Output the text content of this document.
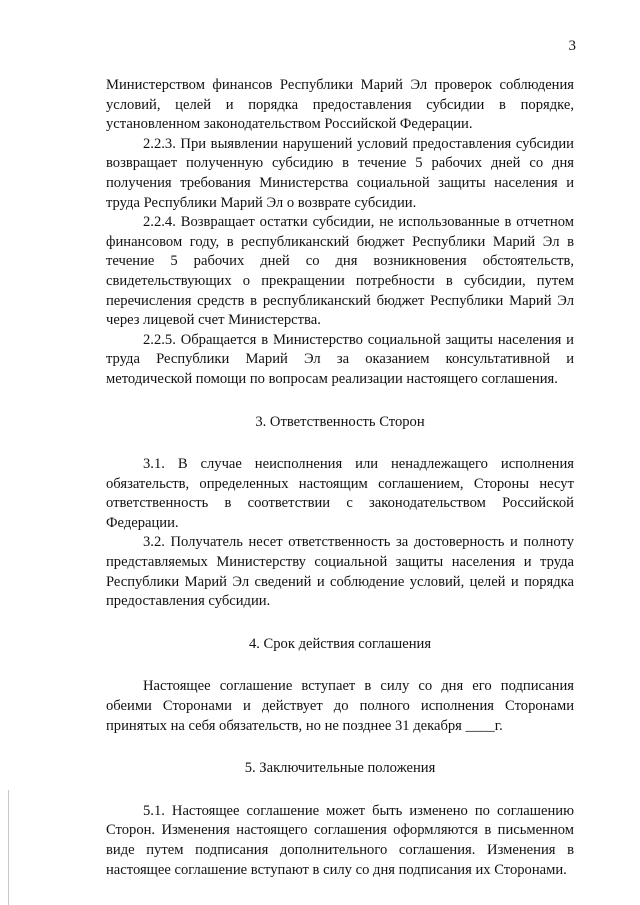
3

Министерством финансов Республики Марий Эл проверок соблюдения условий, целей и порядка предоставления субсидии в порядке, установленном законодательством Российской Федерации.

2.2.3. При выявлении нарушений условий предоставления субсидии возвращает полученную субсидию в течение 5 рабочих дней со дня получения требования Министерства социальной защиты населения и труда Республики Марий Эл о возврате субсидии.

2.2.4. Возвращает остатки субсидии, не использованные в отчетном финансовом году, в республиканский бюджет Республики Марий Эл в течение 5 рабочих дней со дня возникновения обстоятельств, свидетельствующих о прекращении потребности в субсидии, путем перечисления средств в республиканский бюджет Республики Марий Эл через лицевой счет Министерства.

2.2.5. Обращается в Министерство социальной защиты населения и труда Республики Марий Эл за оказанием консультативной и методической помощи по вопросам реализации настоящего соглашения.

3. Ответственность Сторон

3.1. В случае неисполнения или ненадлежащего исполнения обязательств, определенных настоящим соглашением, Стороны несут ответственность в соответствии с законодательством Российской Федерации.

3.2. Получатель несет ответственность за достоверность и полноту представляемых Министерству социальной защиты населения и труда Республики Марий Эл сведений и соблюдение условий, целей и порядка предоставления субсидии.

4. Срок действия соглашения

Настоящее соглашение вступает в силу со дня его подписания обеими Сторонами и действует до полного исполнения Сторонами принятых на себя обязательств, но не позднее 31 декабря ____г.

5. Заключительные положения

5.1. Настоящее соглашение может быть изменено по соглашению Сторон. Изменения настоящего соглашения оформляются в письменном виде путем подписания дополнительного соглашения. Изменения в настоящее соглашение вступают в силу со дня подписания их Сторонами.
